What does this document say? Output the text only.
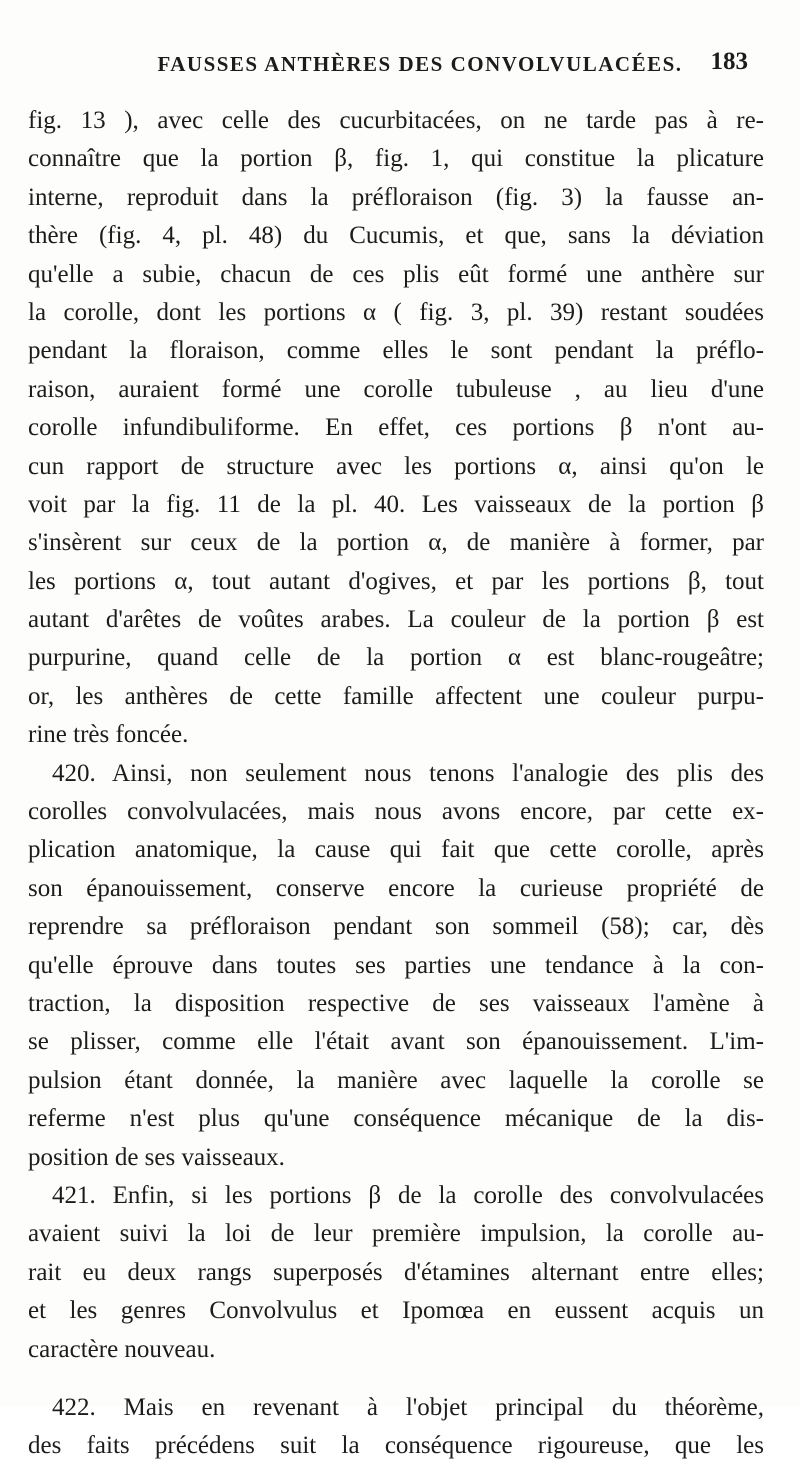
FAUSSES ANTHÈRES DES CONVOLVULACÉES.	183
fig. 13 ), avec celle des cucurbitacées, on ne tarde pas à re-
connaître que la portion β, fig. 1, qui constitue la plicature
interne, reproduit dans la préfloraison (fig. 3) la fausse an-
thère (fig. 4, pl. 48) du Cucumis, et que, sans la déviation
qu'elle a subie, chacun de ces plis eût formé une anthère sur
la corolle, dont les portions α ( fig. 3, pl. 39) restant soudées
pendant la floraison, comme elles le sont pendant la préflo-
raison, auraient formé une corolle tubuleuse , au lieu d'une
corolle infundibuliforme. En effet, ces portions β n'ont au-
cun rapport de structure avec les portions α, ainsi qu'on le
voit par la fig. 11 de la pl. 40. Les vaisseaux de la portion β
s'insèrent sur ceux de la portion α, de manière à former, par
les portions α, tout autant d'ogives, et par les portions β, tout
autant d'arêtes de voûtes arabes. La couleur de la portion β est
purpurine, quand celle de la portion α est blanc-rougeâtre;
or, les anthères de cette famille affectent une couleur purpu-
rine très foncée.
420. Ainsi, non seulement nous tenons l'analogie des plis des
corolles convolvulacées, mais nous avons encore, par cette ex-
plication anatomique, la cause qui fait que cette corolle, après
son épanouissement, conserve encore la curieuse propriété de
reprendre sa préfloraison pendant son sommeil (58); car, dès
qu'elle éprouve dans toutes ses parties une tendance à la con-
traction, la disposition respective de ses vaisseaux l'amène à
se plisser, comme elle l'était avant son épanouissement. L'im-
pulsion étant donnée, la manière avec laquelle la corolle se
referme n'est plus qu'une conséquence mécanique de la dis-
position de ses vaisseaux.
421. Enfin, si les portions β de la corolle des convolvulacées
avaient suivi la loi de leur première impulsion, la corolle au-
rait eu deux rangs superposés d'étamines alternant entre elles;
et les genres Convolvulus et Ipomœa en eussent acquis un
caractère nouveau.
422. Mais en revenant à l'objet principal du théorème,
des faits précédens suit la conséquence rigoureuse, que les
